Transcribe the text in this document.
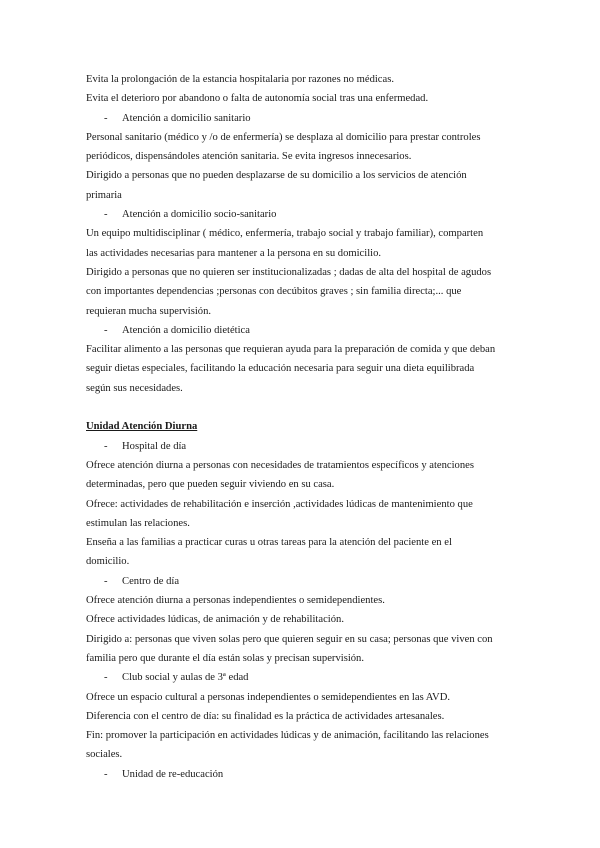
Evita la prolongación de la estancia hospitalaria por razones no médicas.
Evita el deterioro por abandono o falta de autonomía social tras una enfermedad.
- Atención a domicilio sanitario
Personal sanitario (médico y /o de enfermería) se desplaza al domicilio para prestar controles
periódicos, dispensándoles atención sanitaria. Se evita ingresos innecesarios.
Dirigido a personas que no pueden desplazarse de su domicilio a los servicios de atención
primaria
- Atención a domicilio socio-sanitario
Un equipo multidisciplinar ( médico, enfermería, trabajo social y trabajo familiar), comparten
las actividades necesarias para mantener a la persona en su domicilio.
Dirigido a personas que no quieren ser institucionalizadas ; dadas de alta del hospital de agudos
con importantes dependencias ;personas con decúbitos graves ; sin familia directa;... que
requieran mucha supervisión.
- Atención a domicilio dietética
Facilitar alimento a las personas que requieran ayuda para la preparación de comida y que deban
seguir dietas especiales, facilitando la educación necesaria para seguir una dieta equilibrada
según sus necesidades.
Unidad Atención Diurna
- Hospital de día
Ofrece atención diurna a personas con necesidades de tratamientos específicos y atenciones
determinadas, pero que pueden seguir viviendo en su casa.
Ofrece: actividades de rehabilitación e inserción ,actividades lúdicas de mantenimiento que
estimulan las relaciones.
Enseña a las familias a practicar curas u otras tareas para la atención del paciente en el
domicilio.
- Centro de día
Ofrece atención diurna a personas independientes o semidependientes.
Ofrece actividades lúdicas, de animación y de rehabilitación.
Dirigido a: personas que viven solas pero que quieren seguir en su casa; personas que viven con
familia pero que durante el día están solas y precisan supervisión.
- Club social y aulas de 3ª edad
Ofrece un espacio cultural a personas independientes o semidependientes en las AVD.
Diferencia con el centro de día: su finalidad es la práctica de actividades artesanales.
Fin: promover la participación en actividades lúdicas y de animación, facilitando las relaciones
sociales.
- Unidad de re-educación
